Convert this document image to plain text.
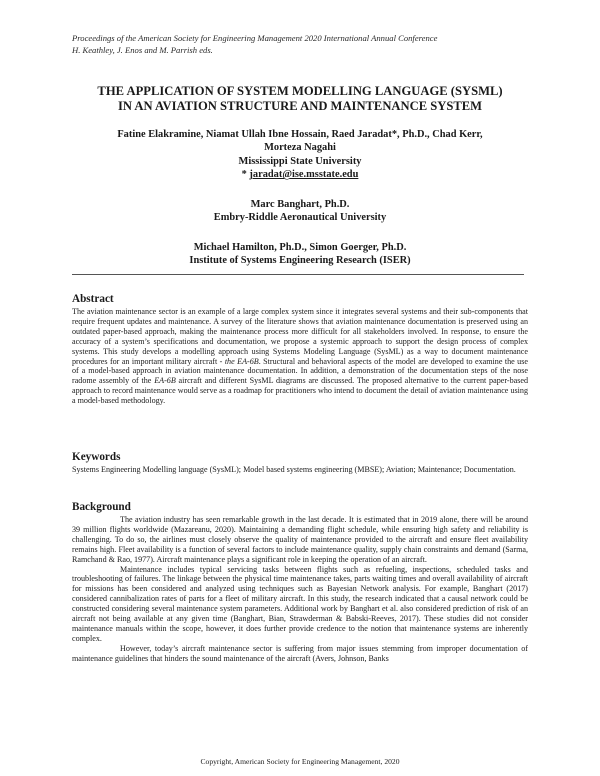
Proceedings of the American Society for Engineering Management 2020 International Annual Conference
H. Keathley, J. Enos and M. Parrish eds.
THE APPLICATION OF SYSTEM MODELLING LANGUAGE (SYSML)
IN AN AVIATION STRUCTURE AND MAINTENANCE SYSTEM
Fatine Elakramine, Niamat Ullah Ibne Hossain, Raed Jaradat*, Ph.D., Chad Kerr,
Morteza Nagahi
Mississippi State University
* jaradat@ise.msstate.edu
Marc Banghart, Ph.D.
Embry-Riddle Aeronautical University
Michael Hamilton, Ph.D., Simon Goerger, Ph.D.
Institute of Systems Engineering Research (ISER)
Abstract

The aviation maintenance sector is an example of a large complex system since it integrates several systems and their sub-components that require frequent updates and maintenance. A survey of the literature shows that aviation maintenance documentation is preserved using an outdated paper-based approach, making the maintenance process more difficult for all stakeholders involved. In response, to ensure the accuracy of a system’s specifications and documentation, we propose a systemic approach to support the design process of complex systems. This study develops a modelling approach using Systems Modeling Language (SysML) as a way to document maintenance procedures for an important military aircraft - the EA-6B. Structural and behavioral aspects of the model are developed to examine the use of a model-based approach in aviation maintenance documentation. In addition, a demonstration of the documentation steps of the nose radome assembly of the EA-6B aircraft and different SysML diagrams are discussed. The proposed alternative to the current paper-based approach to record maintenance would serve as a roadmap for practitioners who intend to document the detail of aviation maintenance using a model-based methodology.

Keywords

Systems Engineering Modelling language (SysML); Model based systems engineering (MBSE); Aviation; Maintenance; Documentation.

Background

The aviation industry has seen remarkable growth in the last decade. It is estimated that in 2019 alone, there will be around 39 million flights worldwide (Mazareanu, 2020). Maintaining a demanding flight schedule, while ensuring high safety and reliability is challenging. To do so, the airlines must closely observe the quality of maintenance provided to the aircraft and ensure fleet availability remains high. Fleet availability is a function of several factors to include maintenance quality, supply chain constraints and demand (Sarma, Ramchand & Rao, 1977). Aircraft maintenance plays a significant role in keeping the operation of an aircraft.

Maintenance includes typical servicing tasks between flights such as refueling, inspections, scheduled tasks and troubleshooting of failures. The linkage between the physical time maintenance takes, parts waiting times and overall availability of aircraft for missions has been considered and analyzed using techniques such as Bayesian Network analysis. For example, Banghart (2017) considered cannibalization rates of parts for a fleet of military aircraft. In this study, the research indicated that a causal network could be constructed considering several maintenance system parameters. Additional work by Banghart et al. also considered prediction of risk of an aircraft not being available at any given time (Banghart, Bian, Strawderman & Babski-Reeves, 2017). These studies did not consider maintenance manuals within the scope, however, it does further provide credence to the notion that maintenance systems are inherently complex.

However, today’s aircraft maintenance sector is suffering from major issues stemming from improper documentation of maintenance guidelines that hinders the sound maintenance of the aircraft (Avers, Johnson, Banks

Copyright, American Society for Engineering Management, 2020
